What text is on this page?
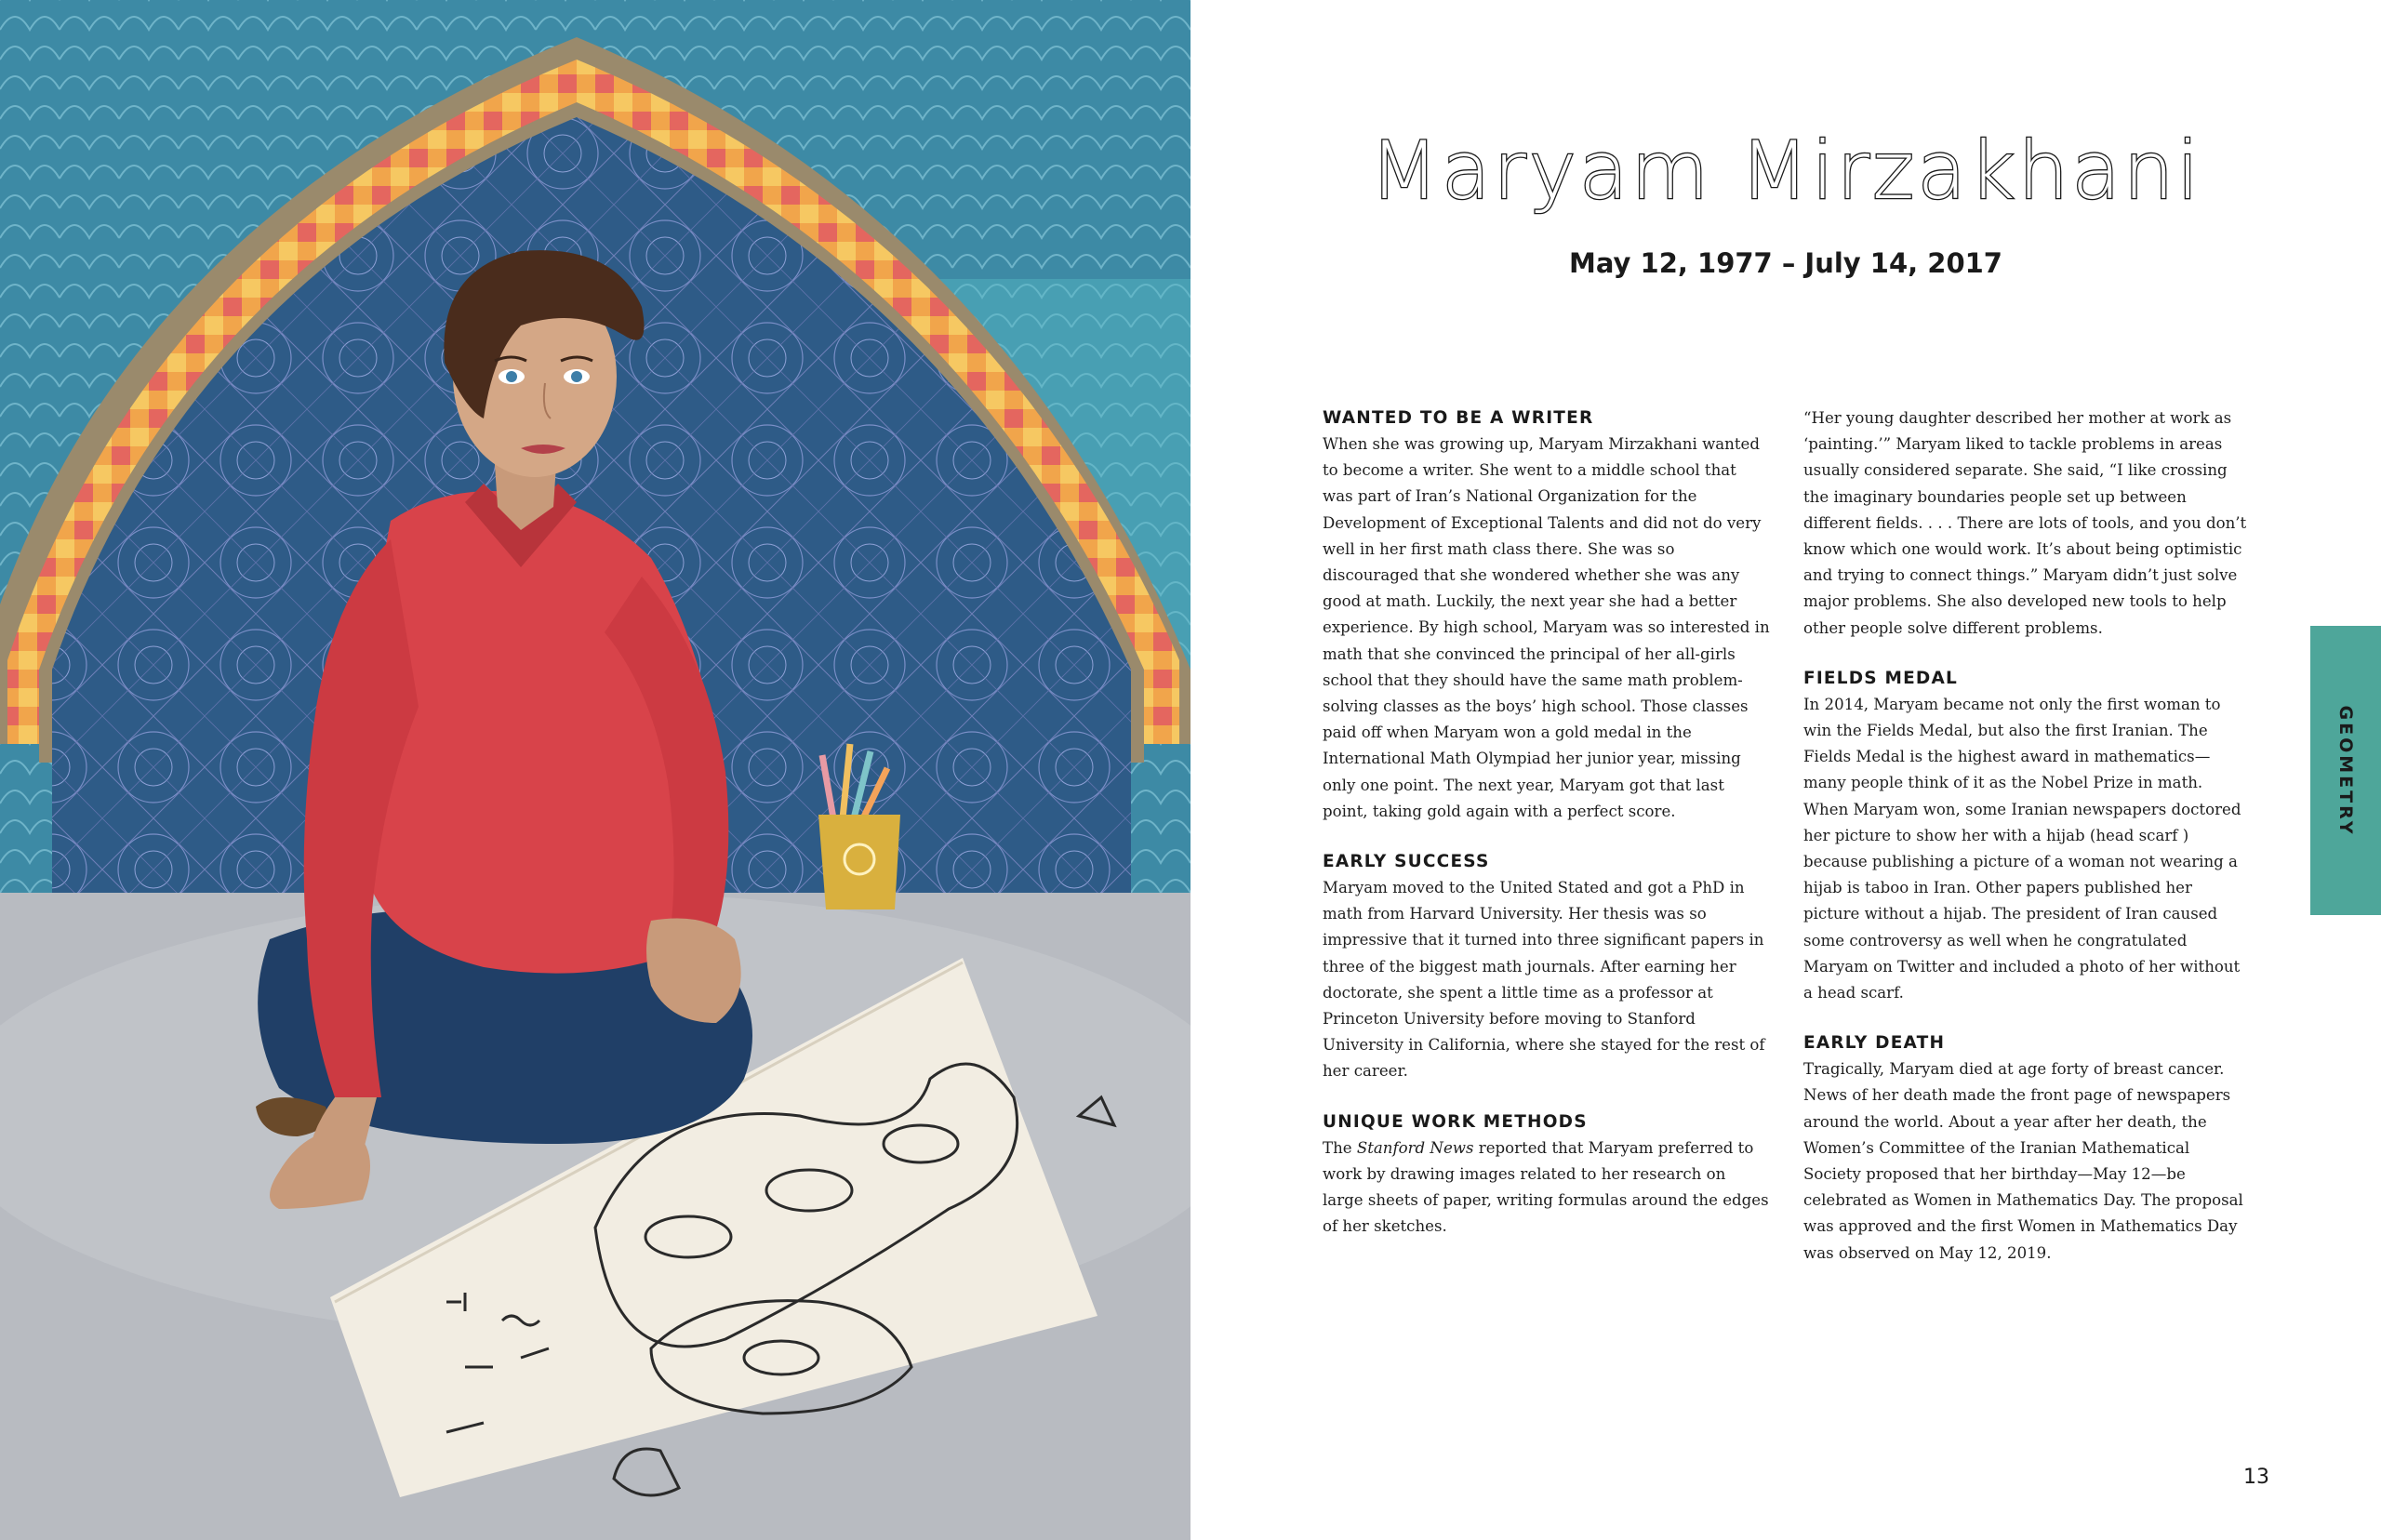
Maryam Mirzakhani
May 12, 1977 – July 14, 2017
WANTED TO BE A WRITER

When she was growing up, Maryam Mirzakhani wanted to become a writer. She went to a middle school that was part of Iran’s National Organization for the Development of Exceptional Talents and did not do very well in her first math class there. She was so discouraged that she wondered whether she was any good at math. Luckily, the next year she had a better experience. By high school, Maryam was so interested in math that she convinced the principal of her all-girls school that they should have the same math problem-solving classes as the boys’ high school. Those classes paid off when Maryam won a gold medal in the International Math Olympiad her junior year, missing only one point. The next year, Maryam got that last point, taking gold again with a perfect score.

EARLY SUCCESS

Maryam moved to the United Stated and got a PhD in math from Harvard University. Her thesis was so impressive that it turned into three significant papers in three of the biggest math journals. After earning her doctorate, she spent a little time as a professor at Princeton University before moving to Stanford University in California, where she stayed for the rest of her career.

UNIQUE WORK METHODS

The Stanford News reported that Maryam preferred to work by drawing images related to her research on large sheets of paper, writing formulas around the edges of her sketches.

“Her young daughter described her mother at work as ‘painting.’” Maryam liked to tackle problems in areas usually considered separate. She said, “I like crossing the imaginary boundaries people set up between different fields. . . . There are lots of tools, and you don’t know which one would work. It’s about being optimistic and trying to connect things.” Maryam didn’t just solve major problems. She also developed new tools to help other people solve different problems.

FIELDS MEDAL

In 2014, Maryam became not only the first woman to win the Fields Medal, but also the first Iranian. The Fields Medal is the highest award in mathematics—many people think of it as the Nobel Prize in math. When Maryam won, some Iranian newspapers doctored her picture to show her with a hijab (head scarf ) because publishing a picture of a woman not wearing a hijab is taboo in Iran. Other papers published her picture without a hijab. The president of Iran caused some controversy as well when he congratulated Maryam on Twitter and included a photo of her without a head scarf.

EARLY DEATH

Tragically, Maryam died at age forty of breast cancer. News of her death made the front page of newspapers around the world. About a year after her death, the Women’s Committee of the Iranian Mathematical Society proposed that her birthday—May 12—be celebrated as Women in Mathematics Day. The proposal was approved and the first Women in Mathematics Day was observed on May 12, 2019.

GEOMETRY
13
